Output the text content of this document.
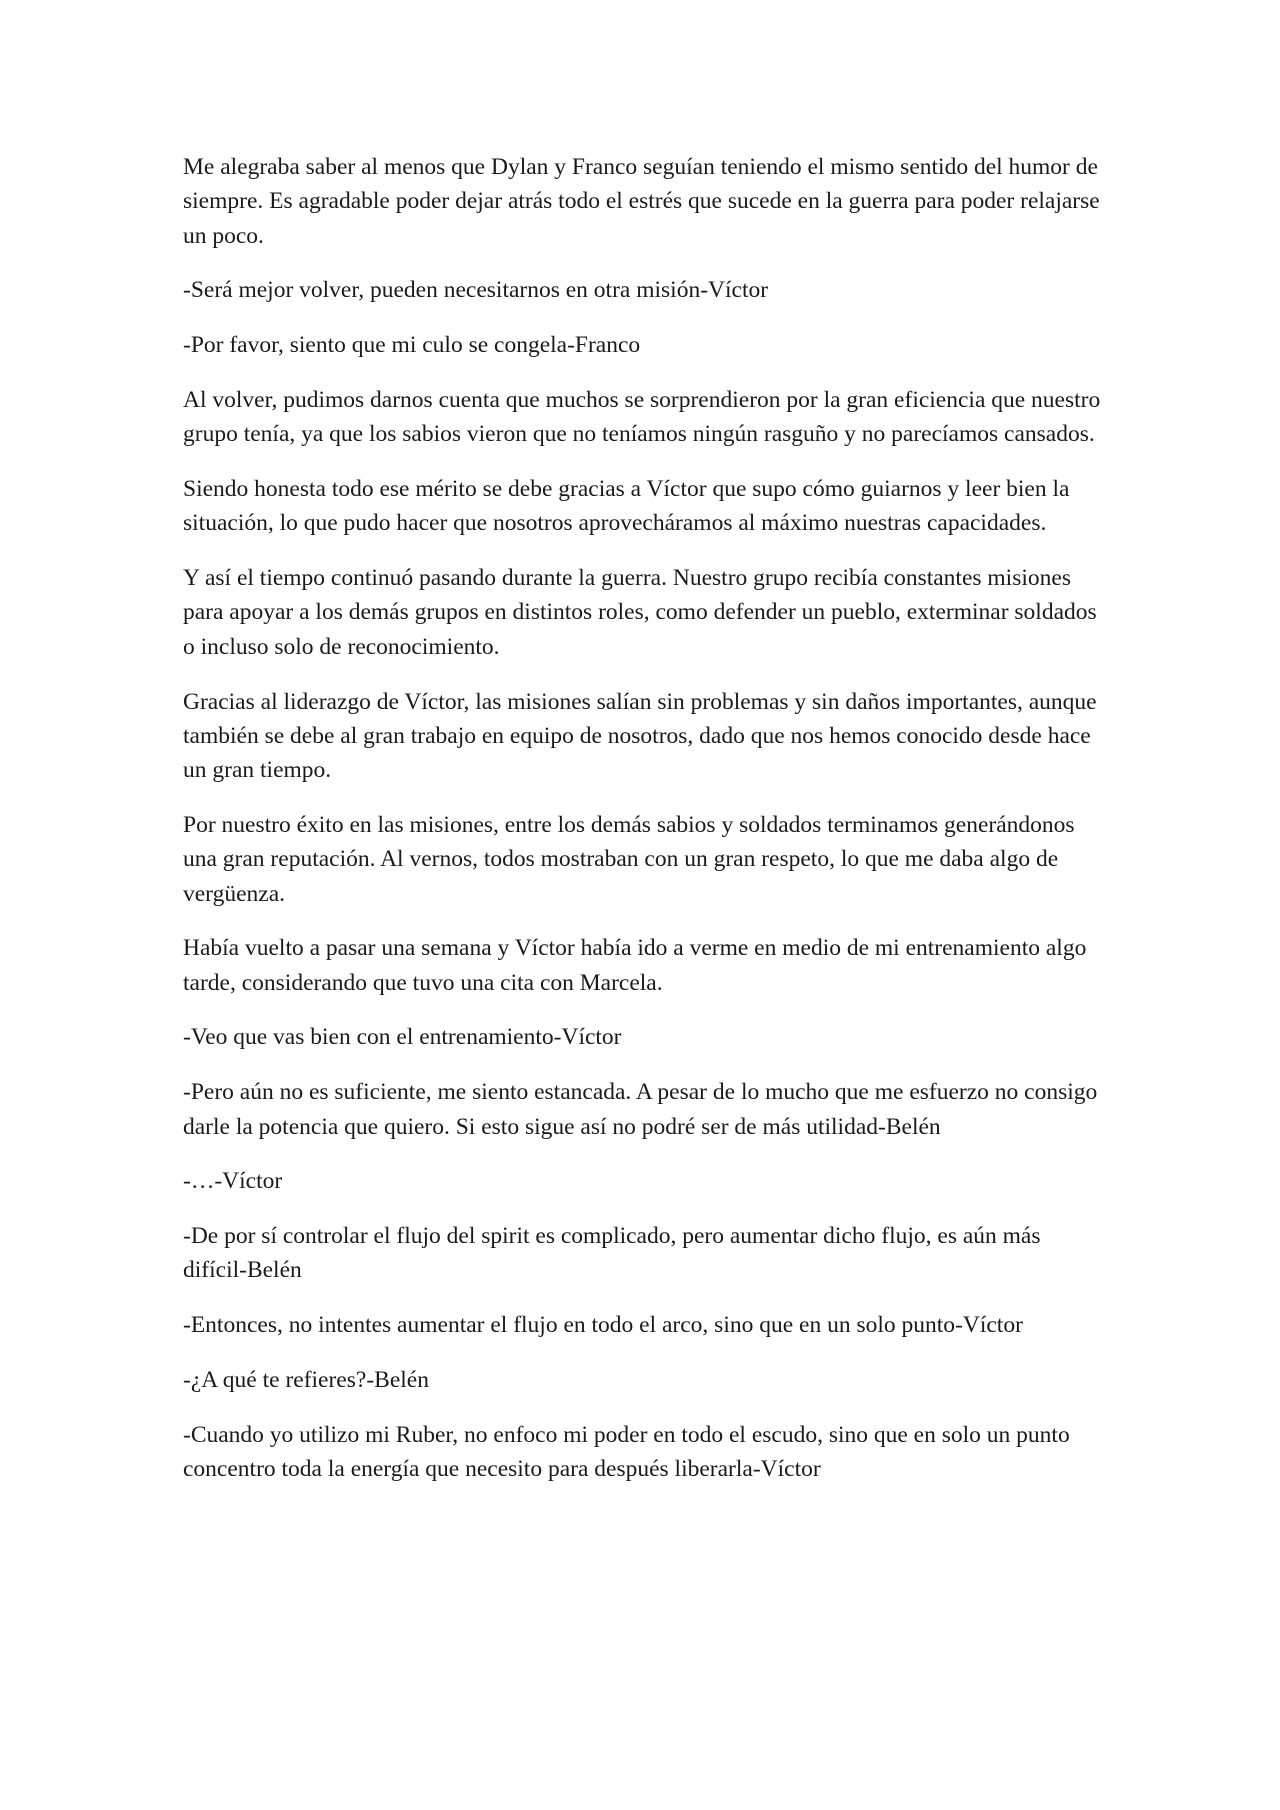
Me alegraba saber al menos que Dylan y Franco seguían teniendo el mismo sentido del humor de siempre. Es agradable poder dejar atrás todo el estrés que sucede en la guerra para poder relajarse un poco.

-Será mejor volver, pueden necesitarnos en otra misión-Víctor

-Por favor, siento que mi culo se congela-Franco

Al volver, pudimos darnos cuenta que muchos se sorprendieron por la gran eficiencia que nuestro grupo tenía, ya que los sabios vieron que no teníamos ningún rasguño y no parecíamos cansados.

Siendo honesta todo ese mérito se debe gracias a Víctor que supo cómo guiarnos y leer bien la situación, lo que pudo hacer que nosotros aprovecháramos al máximo nuestras capacidades.

Y así el tiempo continuó pasando durante la guerra. Nuestro grupo recibía constantes misiones para apoyar a los demás grupos en distintos roles, como defender un pueblo, exterminar soldados o incluso solo de reconocimiento.

Gracias al liderazgo de Víctor, las misiones salían sin problemas y sin daños importantes, aunque también se debe al gran trabajo en equipo de nosotros, dado que nos hemos conocido desde hace un gran tiempo.

Por nuestro éxito en las misiones, entre los demás sabios y soldados terminamos generándonos una gran reputación. Al vernos, todos mostraban con un gran respeto, lo que me daba algo de vergüenza.

Había vuelto a pasar una semana y Víctor había ido a verme en medio de mi entrenamiento algo tarde, considerando que tuvo una cita con Marcela.

-Veo que vas bien con el entrenamiento-Víctor

-Pero aún no es suficiente, me siento estancada. A pesar de lo mucho que me esfuerzo no consigo darle la potencia que quiero. Si esto sigue así no podré ser de más utilidad-Belén

-…-Víctor

-De por sí controlar el flujo del spirit es complicado, pero aumentar dicho flujo, es aún más difícil-Belén

-Entonces, no intentes aumentar el flujo en todo el arco, sino que en un solo punto-Víctor

-¿A qué te refieres?-Belén

-Cuando yo utilizo mi Ruber, no enfoco mi poder en todo el escudo, sino que en solo un punto concentro toda la energía que necesito para después liberarla-Víctor
